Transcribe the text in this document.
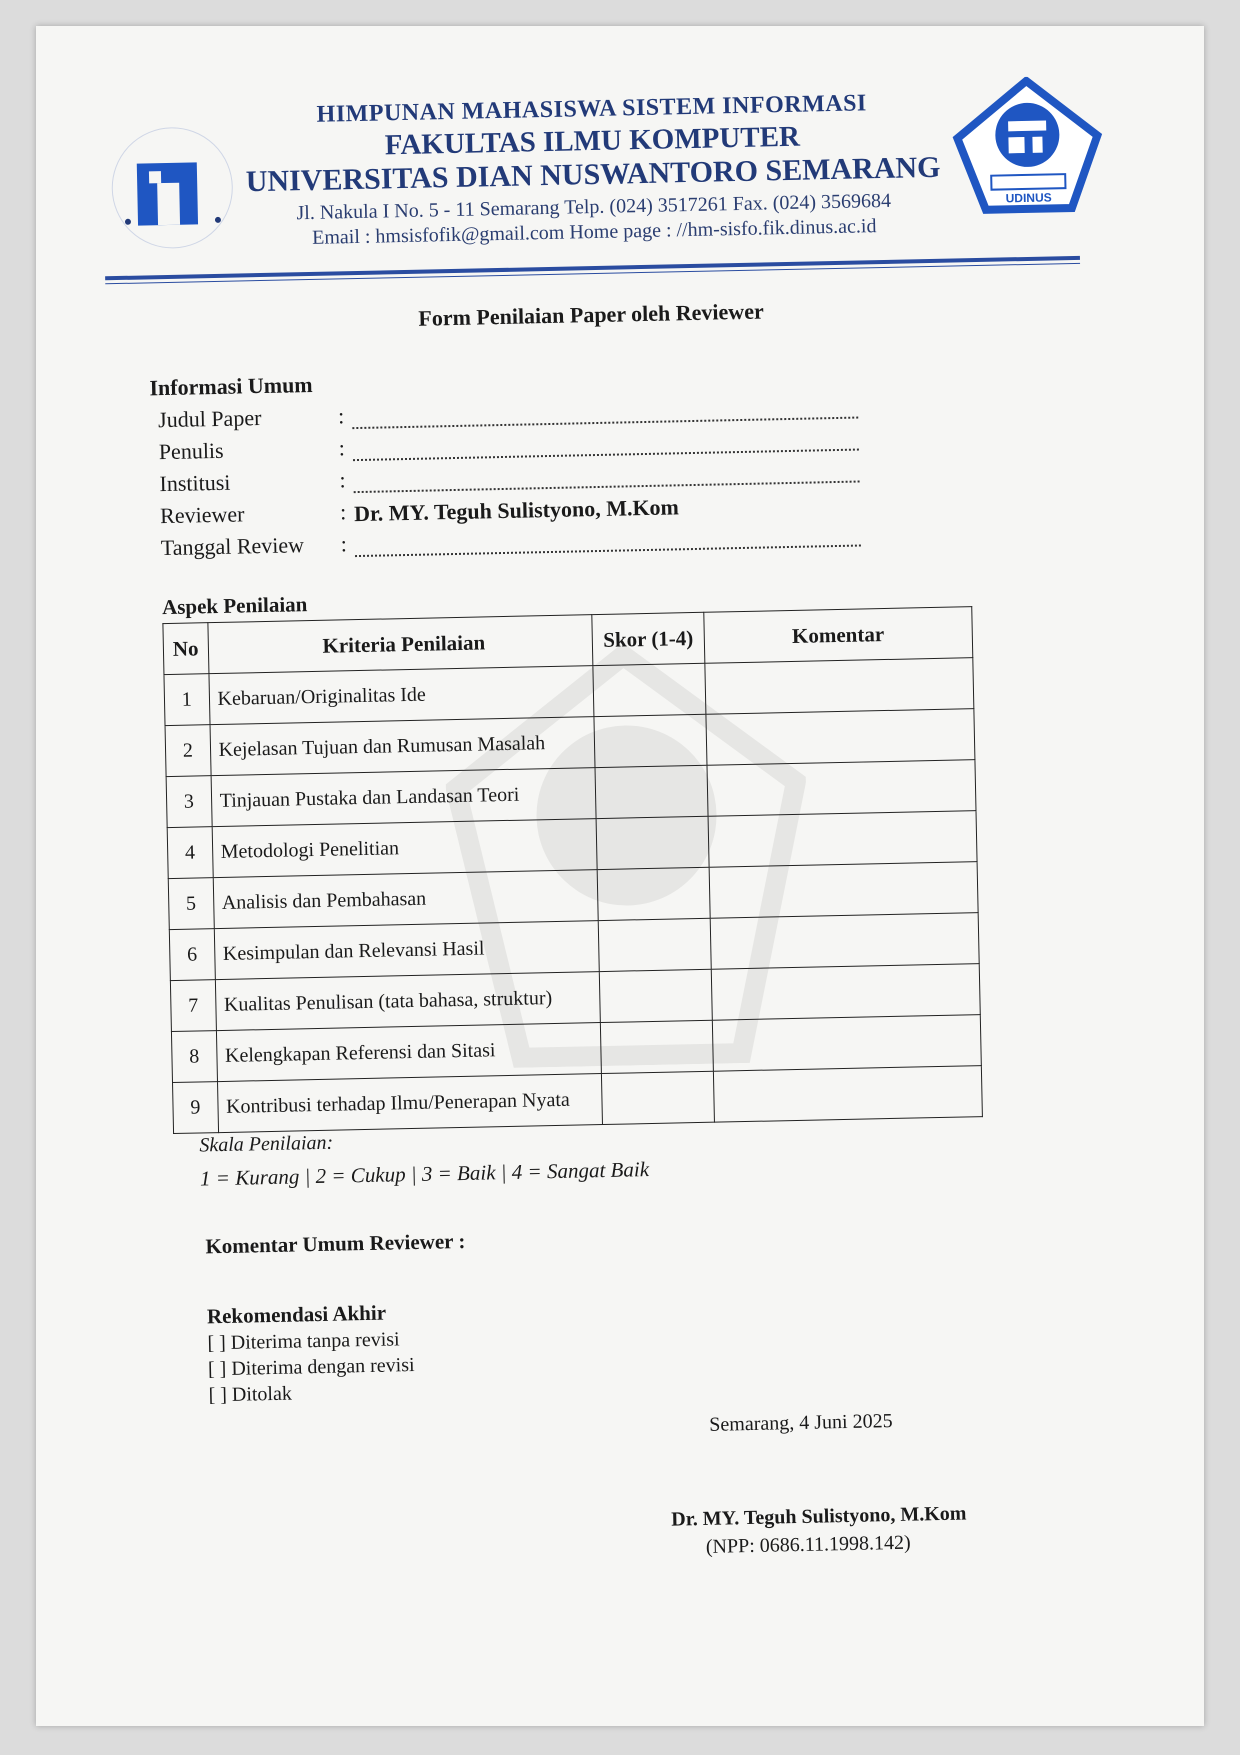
HIMPUNAN MAHASISWA SISTEM INFORMASI
FAKULTAS ILMU KOMPUTER
UNIVERSITAS DIAN NUSWANTORO SEMARANG
Jl. Nakula I No. 5 - 11 Semarang Telp. (024) 3517261 Fax. (024) 3569684
Email : hmsisfofik@gmail.com Home page : //hm-sisfo.fik.dinus.ac.id
UDINUS
Form Penilaian Paper oleh Reviewer
Informasi Umum
Judul Paper	:
Penulis	:
Institusi	:
Reviewer	: Dr. MY. Teguh Sulistyono, M.Kom
Tanggal Review	:
Aspek Penilaian
No	Kriteria Penilaian	Skor (1-4)	Komentar
1	Kebaruan/Originalitas Ide		
2	Kejelasan Tujuan dan Rumusan Masalah		
3	Tinjauan Pustaka dan Landasan Teori		
4	Metodologi Penelitian		
5	Analisis dan Pembahasan		
6	Kesimpulan dan Relevansi Hasil		
7	Kualitas Penulisan (tata bahasa, struktur)		
8	Kelengkapan Referensi dan Sitasi		
9	Kontribusi terhadap Ilmu/Penerapan Nyata		
Skala Penilaian:
1 = Kurang | 2 = Cukup | 3 = Baik | 4 = Sangat Baik
Komentar Umum Reviewer :
Rekomendasi Akhir
[ ] Diterima tanpa revisi
[ ] Diterima dengan revisi
[ ] Ditolak
Semarang, 4 Juni 2025
Dr. MY. Teguh Sulistyono, M.Kom
(NPP: 0686.11.1998.142)
